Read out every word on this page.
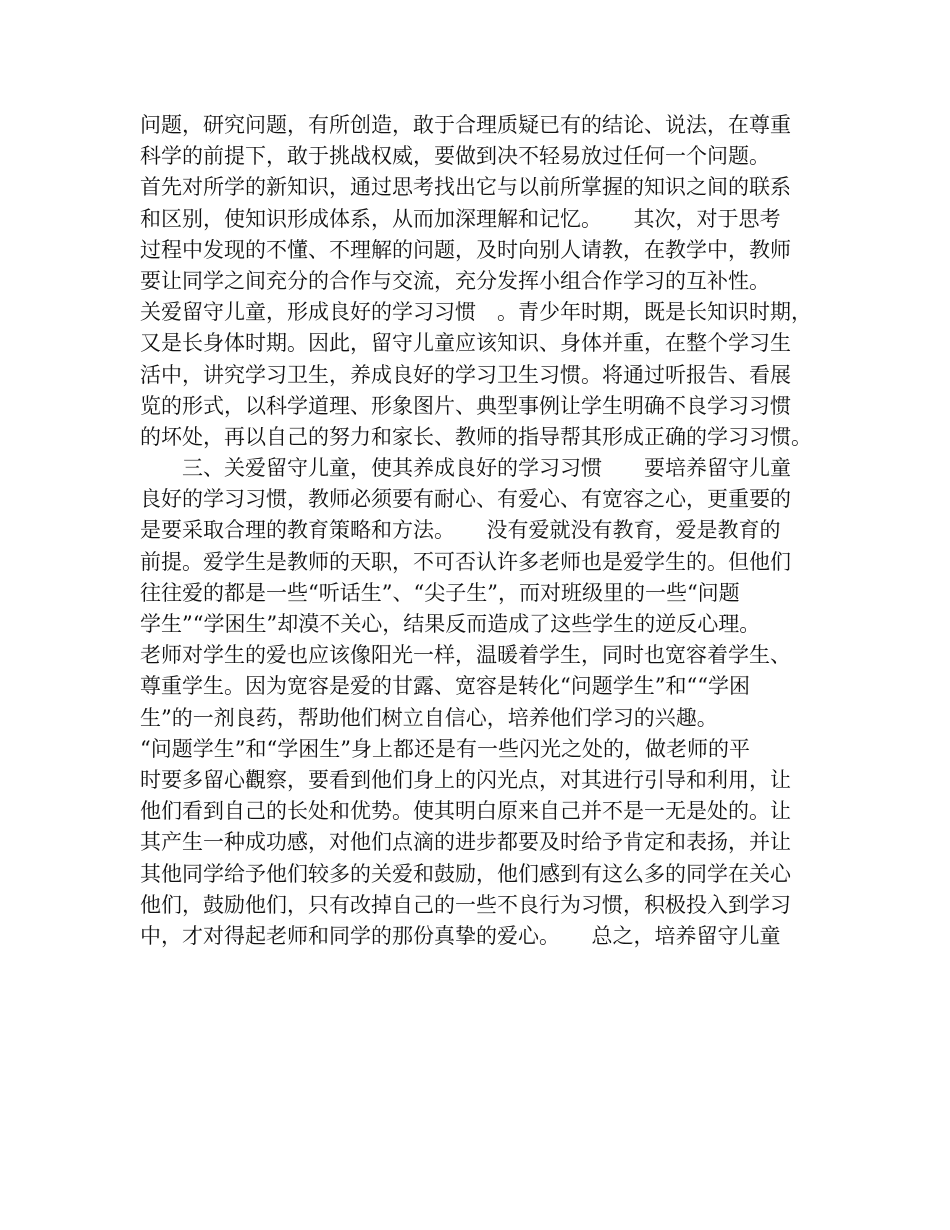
问题，研究问题，有所创造，敢于合理质疑已有的结论、说法，在尊重
科学的前提下，敢于挑战权威，要做到决不轻易放过任何一个问题。
首先对所学的新知识，通过思考找出它与以前所掌握的知识之间的联系
和区别，使知识形成体系，从而加深理解和记忆。　　其次，对于思考
过程中发现的不懂、不理解的问题，及时向别人请教，在教学中，教师
要让同学之间充分的合作与交流，充分发挥小组合作学习的互补性。
关爱留守儿童，形成良好的学习习惯　。青少年时期，既是长知识时期，
又是长身体时期。因此，留守儿童应该知识、身体并重，在整个学习生
活中，讲究学习卫生，养成良好的学习卫生习惯。将通过听报告、看展
览的形式，以科学道理、形象图片、典型事例让学生明确不良学习习惯
的坏处，再以自己的努力和家长、教师的指导帮其形成正确的学习习惯。
　　三、关爱留守儿童，使其养成良好的学习习惯　　要培养留守儿童
良好的学习习惯，教师必须要有耐心、有爱心、有宽容之心，更重要的
是要采取合理的教育策略和方法。　　没有爱就没有教育，爱是教育的
前提。爱学生是教师的天职，不可否认许多老师也是爱学生的。但他们
往往爱的都是一些“听话生”、“尖子生”，而对班级里的一些“问题
学生”“学困生”却漠不关心，结果反而造成了这些学生的逆反心理。
老师对学生的爱也应该像阳光一样，温暖着学生，同时也宽容着学生、
尊重学生。因为宽容是爱的甘露、宽容是转化“问题学生”和““学困
生”的一剂良药，帮助他们树立自信心，培养他们学习的兴趣。
“问题学生”和“学困生”身上都还是有一些闪光之处的，做老师的平
时要多留心觀察，要看到他们身上的闪光点，对其进行引导和利用，让
他们看到自己的长处和优势。使其明白原来自己并不是一无是处的。让
其产生一种成功感，对他们点滴的进步都要及时给予肯定和表扬，并让
其他同学给予他们较多的关爱和鼓励，他们感到有这么多的同学在关心
他们，鼓励他们，只有改掉自己的一些不良行为习惯，积极投入到学习
中，才对得起老师和同学的那份真挚的爱心。　　总之，培养留守儿童
